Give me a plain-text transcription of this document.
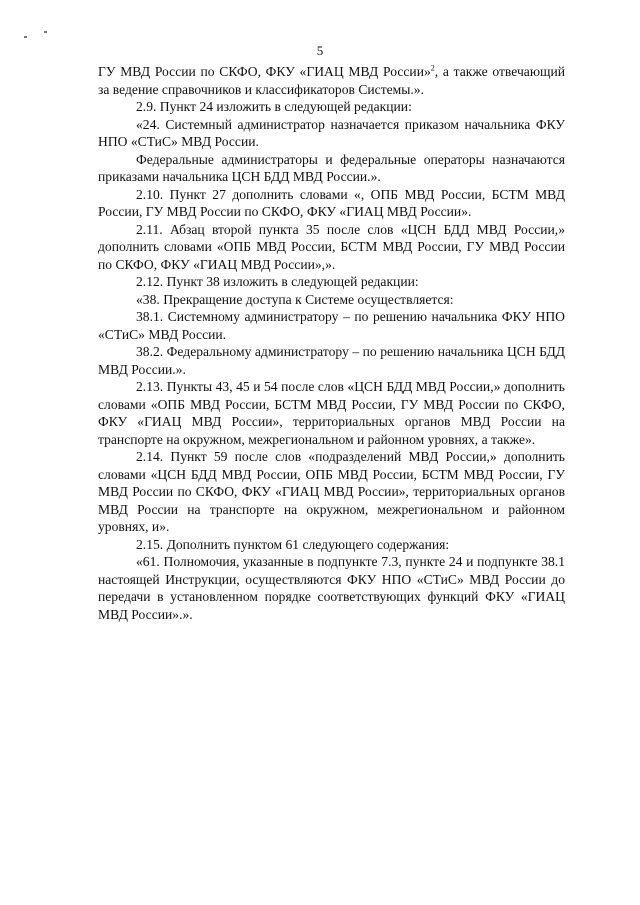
5

ГУ МВД России по СКФО, ФКУ «ГИАЦ МВД России»$^2$, а также отвечающий за ведение справочников и классификаторов Системы.».

2.9. Пункт 24 изложить в следующей редакции:

«24. Системный администратор назначается приказом начальника ФКУ НПО «СТиС» МВД России.

Федеральные администраторы и федеральные операторы назначаются приказами начальника ЦСН БДД МВД России.».

2.10. Пункт 27 дополнить словами «, ОПБ МВД России, БСТМ МВД России, ГУ МВД России по СКФО, ФКУ «ГИАЦ МВД России».

2.11. Абзац второй пункта 35 после слов «ЦСН БДД МВД России,» дополнить словами «ОПБ МВД России, БСТМ МВД России, ГУ МВД России по СКФО, ФКУ «ГИАЦ МВД России»,».

2.12. Пункт 38 изложить в следующей редакции:

«38. Прекращение доступа к Системе осуществляется:

38.1. Системному администратору – по решению начальника ФКУ НПО «СТиС» МВД России.

38.2. Федеральному администратору – по решению начальника ЦСН БДД МВД России.».

2.13. Пункты 43, 45 и 54 после слов «ЦСН БДД МВД России,» дополнить словами «ОПБ МВД России, БСТМ МВД России, ГУ МВД России по СКФО, ФКУ «ГИАЦ МВД России», территориальных органов МВД России на транспорте на окружном, межрегиональном и районном уровнях, а также».

2.14. Пункт 59 после слов «подразделений МВД России,» дополнить словами «ЦСН БДД МВД России, ОПБ МВД России, БСТМ МВД России, ГУ МВД России по СКФО, ФКУ «ГИАЦ МВД России», территориальных органов МВД России на транспорте на окружном, межрегиональном и районном уровнях, и».

2.15. Дополнить пунктом 61 следующего содержания:

«61. Полномочия, указанные в подпункте 7.3, пункте 24 и подпункте 38.1 настоящей Инструкции, осуществляются ФКУ НПО «СТиС» МВД России до передачи в установленном порядке соответствующих функций ФКУ «ГИАЦ МВД России».».
